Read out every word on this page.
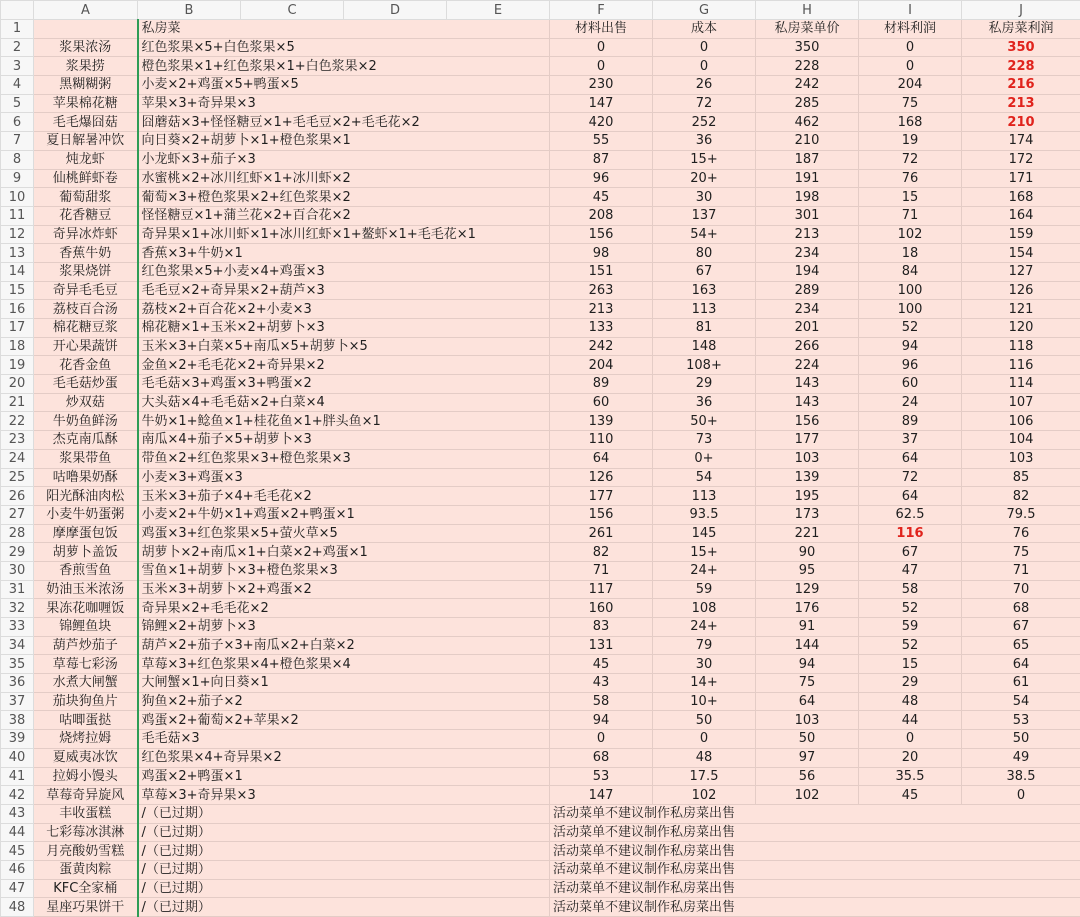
	A	B	C	D	E	F	G	H	I	J
1		私房菜				材料出售	成本	私房菜单价	材料利润	私房菜利润
2	浆果浓汤	红色浆果×5+白色浆果×5				0	0	350	0	350
3	浆果捞	橙色浆果×1+红色浆果×1+白色浆果×2				0	0	228	0	228
4	黑糊糊粥	小麦×2+鸡蛋×5+鸭蛋×5				230	26	242	204	216
5	苹果棉花糖	苹果×3+奇异果×3				147	72	285	75	213
6	毛毛爆囧菇	囧蘑菇×3+怪怪糖豆×1+毛毛豆×2+毛毛花×2				420	252	462	168	210
7	夏日解暑冲饮	向日葵×2+胡萝卜×1+橙色浆果×1				55	36	210	19	174
8	炖龙虾	小龙虾×3+茄子×3				87	15+	187	72	172
9	仙桃鲜虾卷	水蜜桃×2+冰川红虾×1+冰川虾×2				96	20+	191	76	171
10	葡萄甜浆	葡萄×3+橙色浆果×2+红色浆果×2				45	30	198	15	168
11	花香糖豆	怪怪糖豆×1+蒲兰花×2+百合花×2				208	137	301	71	164
12	奇异冰炸虾	奇异果×1+冰川虾×1+冰川红虾×1+鳌虾×1+毛毛花×1				156	54+	213	102	159
13	香蕉牛奶	香蕉×3+牛奶×1				98	80	234	18	154
14	浆果烧饼	红色浆果×5+小麦×4+鸡蛋×3				151	67	194	84	127
15	奇异毛毛豆	毛毛豆×2+奇异果×2+葫芦×3				263	163	289	100	126
16	荔枝百合汤	荔枝×2+百合花×2+小麦×3				213	113	234	100	121
17	棉花糖豆浆	棉花糖×1+玉米×2+胡萝卜×3				133	81	201	52	120
18	开心果蔬饼	玉米×3+白菜×5+南瓜×5+胡萝卜×5				242	148	266	94	118
19	花香金鱼	金鱼×2+毛毛花×2+奇异果×2				204	108+	224	96	116
20	毛毛菇炒蛋	毛毛菇×3+鸡蛋×3+鸭蛋×2				89	29	143	60	114
21	炒双菇	大头菇×4+毛毛菇×2+白菜×4				60	36	143	24	107
22	牛奶鱼鲜汤	牛奶×1+鲶鱼×1+桂花鱼×1+胖头鱼×1				139	50+	156	89	106
23	杰克南瓜酥	南瓜×4+茄子×5+胡萝卜×3				110	73	177	37	104
24	浆果带鱼	带鱼×2+红色浆果×3+橙色浆果×3				64	0+	103	64	103
25	咕噜果奶酥	小麦×3+鸡蛋×3				126	54	139	72	85
26	阳光酥油肉松	玉米×3+茄子×4+毛毛花×2				177	113	195	64	82
27	小麦牛奶蛋粥	小麦×2+牛奶×1+鸡蛋×2+鸭蛋×1				156	93.5	173	62.5	79.5
28	摩摩蛋包饭	鸡蛋×3+红色浆果×5+萤火草×5				261	145	221	116	76
29	胡萝卜盖饭	胡萝卜×2+南瓜×1+白菜×2+鸡蛋×1				82	15+	90	67	75
30	香煎雪鱼	雪鱼×1+胡萝卜×3+橙色浆果×3				71	24+	95	47	71
31	奶油玉米浓汤	玉米×3+胡萝卜×2+鸡蛋×2				117	59	129	58	70
32	果冻花咖喱饭	奇异果×2+毛毛花×2				160	108	176	52	68
33	锦鲤鱼块	锦鲤×2+胡萝卜×3				83	24+	91	59	67
34	葫芦炒茄子	葫芦×2+茄子×3+南瓜×2+白菜×2				131	79	144	52	65
35	草莓七彩汤	草莓×3+红色浆果×4+橙色浆果×4				45	30	94	15	64
36	水煮大闸蟹	大闸蟹×1+向日葵×1				43	14+	75	29	61
37	茄块狗鱼片	狗鱼×2+茄子×2				58	10+	64	48	54
38	咕唧蛋挞	鸡蛋×2+葡萄×2+苹果×2				94	50	103	44	53
39	烧烤拉姆	毛毛菇×3				0	0	50	0	50
40	夏威夷冰饮	红色浆果×4+奇异果×2				68	48	97	20	49
41	拉姆小馒头	鸡蛋×2+鸭蛋×1				53	17.5	56	35.5	38.5
42	草莓奇异旋风	草莓×3+奇异果×3				147	102	102	45	0
43	丰收蛋糕	/（已过期）				活动菜单不建议制作私房菜出售				
44	七彩莓冰淇淋	/（已过期）				活动菜单不建议制作私房菜出售				
45	月亮酸奶雪糕	/（已过期）				活动菜单不建议制作私房菜出售				
46	蛋黄肉粽	/（已过期）				活动菜单不建议制作私房菜出售				
47	KFC全家桶	/（已过期）				活动菜单不建议制作私房菜出售				
48	星座巧果饼干	/（已过期）				活动菜单不建议制作私房菜出售				
